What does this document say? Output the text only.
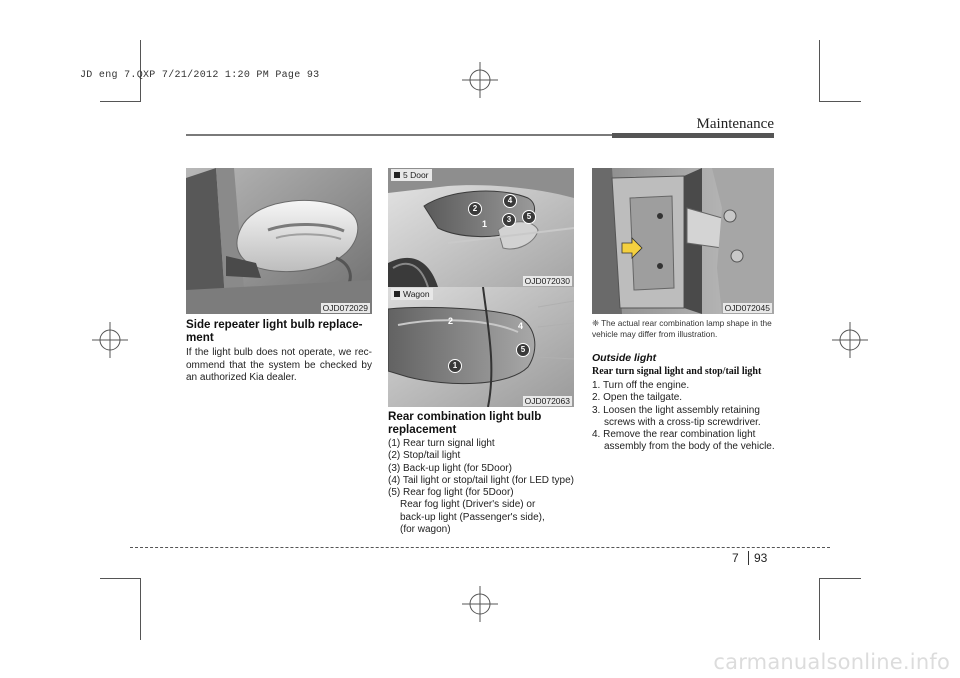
JD eng 7.QXP 7/21/2012 1:20 PM Page 93
Maintenance
OJD072029
5 Door
4
2
1	3	5
OJD072030
Wagon
2	4
5
1
OJD072063
OJD072045
Side repeater light bulb replace-ment
If the light bulb does not operate, we rec-ommend that the system be checked by an authorized Kia dealer.
Rear combination light bulb replacement
(1) Rear turn signal light
(2) Stop/tail light
(3) Back-up light (for 5Door)
(4) Tail light or stop/tail light (for LED type)
(5) Rear fog light (for 5Door)
Rear fog light (Driver's side) or
back-up light (Passenger's side),
(for wagon)
❈ The actual rear combination lamp shape in the vehicle may differ from illustration.
Outside light
Rear turn signal light and stop/tail light
1. Turn off the engine.
2. Open the tailgate.
3. Loosen the light assembly retaining
screws with a cross-tip screwdriver.
4. Remove the rear combination light
assembly from the body of the vehicle.
7 93
carmanualsonline.info
